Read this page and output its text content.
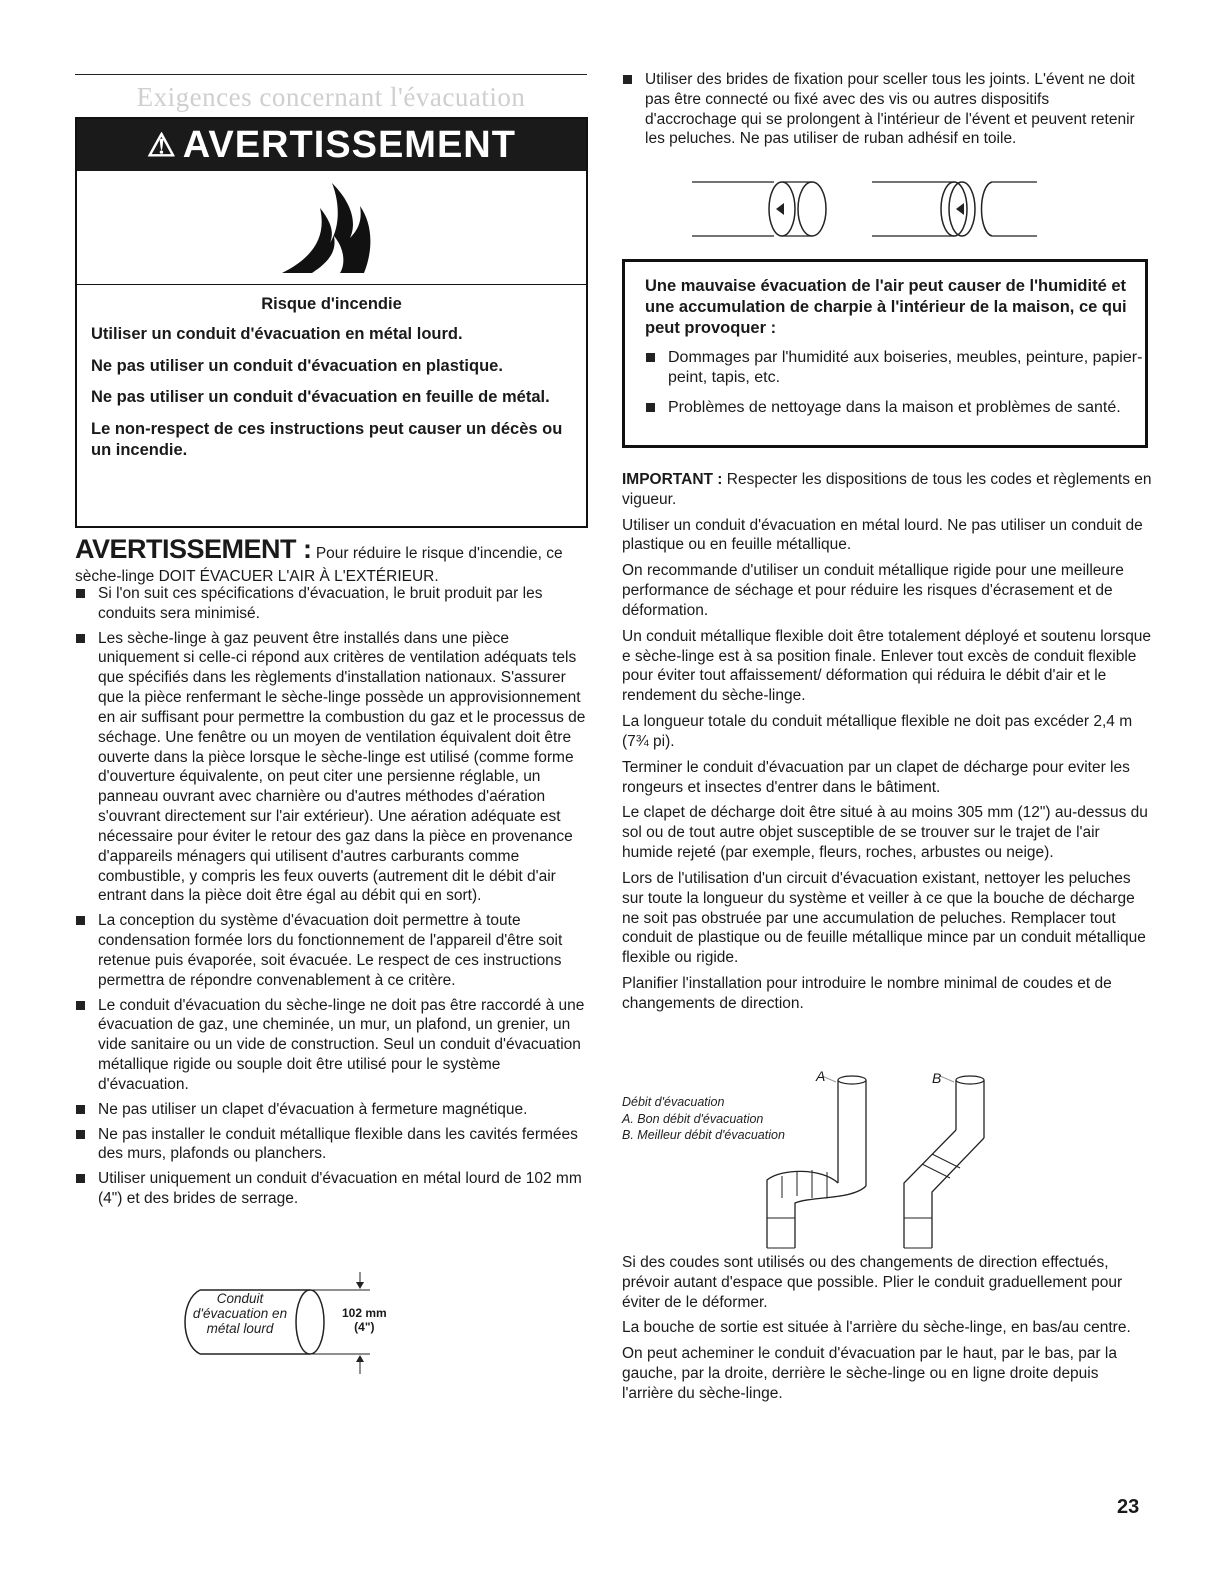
Exigences concernant l'évacuation
⚠ AVERTISSEMENT
Risque d'incendie

Utiliser un conduit d'évacuation en métal lourd.

Ne pas utiliser un conduit d'évacuation en plastique.

Ne pas utiliser un conduit d'évacuation en feuille de métal.

Le non-respect de ces instructions peut causer un décès ou un incendie.

AVERTISSEMENT : Pour réduire le risque d'incendie, ce sèche-linge DOIT ÉVACUER L'AIR À L'EXTÉRIEUR.
Si l'on suit ces spécifications d'évacuation, le bruit produit par les conduits sera minimisé.
Les sèche-linge à gaz peuvent être installés dans une pièce uniquement si celle-ci répond aux critères de ventilation adéquats tels que spécifiés dans les règlements d'installation nationaux. S'assurer que la pièce renfermant le sèche-linge possède un approvisionnement en air suffisant pour permettre la combustion du gaz et le processus de séchage. Une fenêtre ou un moyen de ventilation équivalent doit être ouverte dans la pièce lorsque le sèche-linge est utilisé (comme forme d'ouverture équivalente, on peut citer une persienne réglable, un panneau ouvrant avec charnière ou d'autres méthodes d'aération s'ouvrant directement sur l'air extérieur). Une aération adéquate est nécessaire pour éviter le retour des gaz dans la pièce en provenance d'appareils ménagers qui utilisent d'autres carburants comme combustible, y compris les feux ouverts (autrement dit le débit d'air entrant dans la pièce doit être égal au débit qui en sort).
La conception du système d'évacuation doit permettre à toute condensation formée lors du fonctionnement de l'appareil d'être soit retenue puis évaporée, soit évacuée. Le respect de ces instructions permettra de répondre convenablement à ce critère.
Le conduit d'évacuation du sèche-linge ne doit pas être raccordé à une évacuation de gaz, une cheminée, un mur, un plafond, un grenier, un vide sanitaire ou un vide de construction. Seul un conduit d'évacuation métallique rigide ou souple doit être utilisé pour le système d'évacuation.
Ne pas utiliser un clapet d'évacuation à fermeture magnétique.
Ne pas installer le conduit métallique flexible dans les cavités fermées des murs, plafonds ou planchers.
Utiliser uniquement un conduit d'évacuation en métal lourd de 102 mm (4") et des brides de serrage.
Conduit
d'évacuation en
métal lourd
102 mm
(4")
Utiliser des brides de fixation pour sceller tous les joints. L'évent ne doit pas être connecté ou fixé avec des vis ou autres dispositifs d'accrochage qui se prolongent à l'intérieur de l'évent et peuvent retenir les peluches. Ne pas utiliser de ruban adhésif en toile.

Une mauvaise évacuation de l'air peut causer de l'humidité et une accumulation de charpie à l'intérieur de la maison, ce qui peut provoquer :

Dommages par l'humidité aux boiseries, meubles, peinture, papier-peint, tapis, etc.
Problèmes de nettoyage dans la maison et problèmes de santé.

IMPORTANT : Respecter les dispositions de tous les codes et règlements en vigueur.

Utiliser un conduit d'évacuation en métal lourd. Ne pas utiliser un conduit de plastique ou en feuille métallique.

On recommande d'utiliser un conduit métallique rigide pour une meilleure performance de séchage et pour réduire les risques d'écrasement et de déformation.

Un conduit métallique flexible doit être totalement déployé et soutenu lorsque e sèche-linge est à sa position finale. Enlever tout excès de conduit flexible pour éviter tout affaissement/ déformation qui réduira le débit d'air et le rendement du sèche-linge.

La longueur totale du conduit métallique flexible ne doit pas excéder 2,4 m (7¾ pi).

Terminer le conduit d'évacuation par un clapet de décharge pour eviter les rongeurs et insectes d'entrer dans le bâtiment.

Le clapet de décharge doit être situé à au moins 305 mm (12") au-dessus du sol ou de tout autre objet susceptible de se trouver sur le trajet de l'air humide rejeté (par exemple, fleurs, roches, arbustes ou neige).

Lors de l'utilisation d'un circuit d'évacuation existant, nettoyer les peluches sur toute la longueur du système et veiller à ce que la bouche de décharge ne soit pas obstruée par une accumulation de peluches. Remplacer tout conduit de plastique ou de feuille métallique mince par un conduit métallique flexible ou rigide.

Planifier l'installation pour introduire le nombre minimal de coudes et de changements de direction.

Débit d'évacuation
A. Bon débit d'évacuation
B. Meilleur débit d'évacuation
A	B

Si des coudes sont utilisés ou des changements de direction effectués, prévoir autant d'espace que possible. Plier le conduit graduellement pour éviter de le déformer.

La bouche de sortie est située à l'arrière du sèche-linge, en bas/au centre.

On peut acheminer le conduit d'évacuation par le haut, par le bas, par la gauche, par la droite, derrière le sèche-linge ou en ligne droite depuis l'arrière du sèche-linge.

23
